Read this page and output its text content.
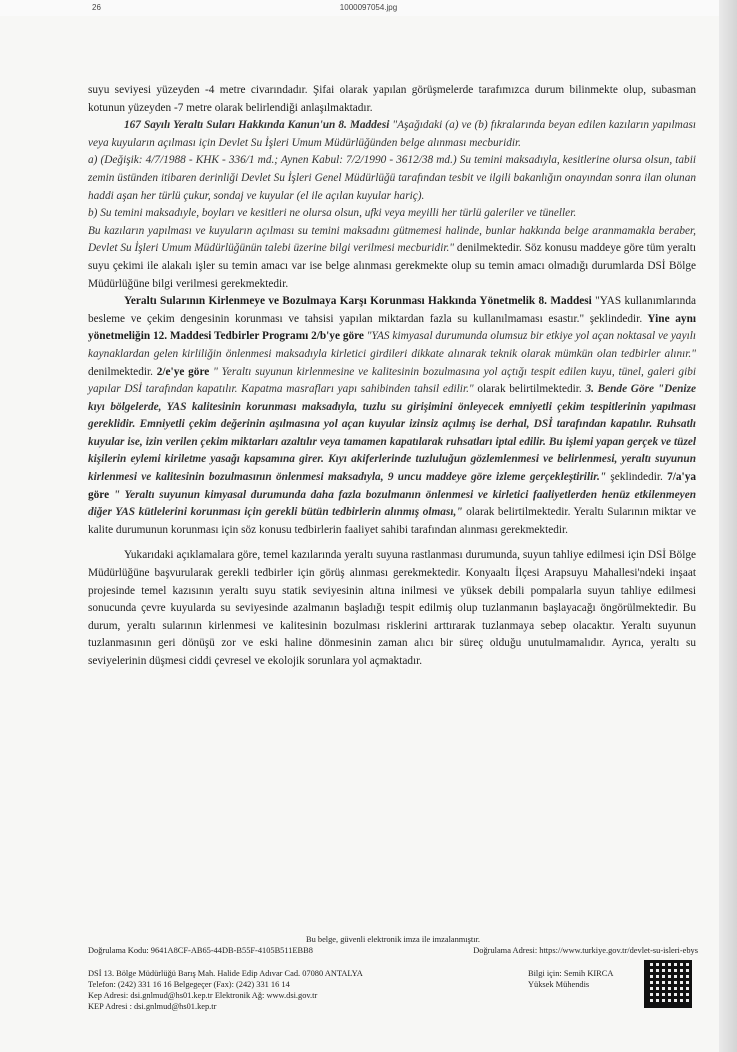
26	1000097054.jpg

suyu seviyesi yüzeyden -4 metre civarındadır. Şifai olarak yapılan görüşmelerde tarafımızca durum bilinmekte olup, subasman kotunun yüzeyden -7 metre olarak belirlendiği anlaşılmaktadır.

167 Sayılı Yeraltı Suları Hakkında Kanun'un 8. Maddesi "Aşağıdaki (a) ve (b) fıkralarında beyan edilen kazıların yapılması veya kuyuların açılması için Devlet Su İşleri Umum Müdürlüğünden belge alınması mecburidir.

a) (Değişik: 4/7/1988 - KHK - 336/1 md.; Aynen Kabul: 7/2/1990 - 3612/38 md.) Su temini maksadıyla, kesitlerine olursa olsun, tabii zemin üstünden itibaren derinliği Devlet Su İşleri Genel Müdürlüğü tarafından tesbit ve ilgili bakanlığın onayından sonra ilan olunan haddi aşan her türlü çukur, sondaj ve kuyular (el ile açılan kuyular hariç).

b) Su temini maksadıyle, boyları ve kesitleri ne olursa olsun, ufki veya meyilli her türlü galeriler ve tüneller.

Bu kazıların yapılması ve kuyuların açılması su temini maksadını gütmemesi halinde, bunlar hakkında belge aranmamakla beraber, Devlet Su İşleri Umum Müdürlüğünün talebi üzerine bilgi verilmesi mecburidir." denilmektedir. Söz konusu maddeye göre tüm yeraltı suyu çekimi ile alakalı işler su temin amacı var ise belge alınması gerekmekte olup su temin amacı olmadığı durumlarda DSİ Bölge Müdürlüğüne bilgi verilmesi gerekmektedir.

Yeraltı Sularının Kirlenmeye ve Bozulmaya Karşı Korunması Hakkında Yönetmelik 8. Maddesi "YAS kullanımlarında besleme ve çekim dengesinin korunması ve tahsisi yapılan miktardan fazla su kullanılmaması esastır." şeklindedir. Yine aynı yönetmeliğin 12. Maddesi Tedbirler Programı 2/b'ye göre "YAS kimyasal durumunda olumsuz bir etkiye yol açan noktasal ve yayılı kaynaklardan gelen kirliliğin önlenmesi maksadıyla kirletici girdileri dikkate alınarak teknik olarak mümkün olan tedbirler alınır." denilmektedir. 2/e'ye göre " Yeraltı suyunun kirlenmesine ve kalitesinin bozulmasına yol açtığı tespit edilen kuyu, tünel, galeri gibi yapılar DSİ tarafından kapatılır. Kapatma masrafları yapı sahibinden tahsil edilir." olarak belirtilmektedir. 3. Bende Göre "Denize kıyı bölgelerde, YAS kalitesinin korunması maksadıyla, tuzlu su girişimini önleyecek emniyetli çekim tespitlerinin yapılması gereklidir. Emniyetli çekim değerinin aşılmasına yol açan kuyular izinsiz açılmış ise derhal, DSİ tarafından kapatılır. Ruhsatlı kuyular ise, izin verilen çekim miktarları azaltılır veya tamamen kapatılarak ruhsatları iptal edilir. Bu işlemi yapan gerçek ve tüzel kişilerin eylemi kiriletme yasağı kapsamına girer. Kıyı akiferlerinde tuzluluğun gözlemlenmesi ve belirlenmesi, yeraltı suyunun kirlenmesi ve kalitesinin bozulmasının önlenmesi maksadıyla, 9 uncu maddeye göre izleme gerçekleştirilir." şeklindedir. 7/a'ya göre " Yeraltı suyunun kimyasal durumunda daha fazla bozulmanın önlenmesi ve kirletici faaliyetlerden henüz etkilenmeyen diğer YAS kütlelerini korunması için gerekli bütün tedbirlerin alınmış olması," olarak belirtilmektedir. Yeraltı Sularının miktar ve kalite durumunun korunması için söz konusu tedbirlerin faaliyet sahibi tarafından alınması gerekmektedir.

Yukarıdaki açıklamalara göre, temel kazılarında yeraltı suyuna rastlanması durumunda, suyun tahliye edilmesi için DSİ Bölge Müdürlüğüne başvurularak gerekli tedbirler için görüş alınması gerekmektedir. Konyaaltı İlçesi Arapsuyu Mahallesi'ndeki inşaat projesinde temel kazısının yeraltı suyu statik seviyesinin altına inilmesi ve yüksek debili pompalarla suyun tahliye edilmesi sonucunda çevre kuyularda su seviyesinde azalmanın başladığı tespit edilmiş olup tuzlanmanın başlayacağı öngörülmektedir. Bu durum, yeraltı sularının kirlenmesi ve kalitesinin bozulması risklerini arttırarak tuzlanmaya sebep olacaktır. Yeraltı suyunun tuzlanmasının geri dönüşü zor ve eski haline dönmesinin zaman alıcı bir süreç olduğu unutulmamalıdır. Ayrıca, yeraltı su seviyelerinin düşmesi ciddi çevresel ve ekolojik sorunlara yol açmaktadır.

Bu belge, güvenli elektronik imza ile imzalanmıştır.
Doğrulama Kodu: 9641A8CF-AB65-44DB-B55F-4105B511EBB8	Doğrulama Adresi: https://www.turkiye.gov.tr/devlet-su-isleri-ebys
DSİ 13. Bölge Müdürlüğü Barış Mah. Halide Edip Adıvar Cad. 07080 ANTALYA
Telefon: (242) 331 16 16 Belgegeçer (Fax): (242) 331 16 14
Kep Adresi: dsi.gnlmud@hs01.kep.tr Elektronik Ağ: www.dsi.gov.tr
KEP Adresi : dsi.gnlmud@hs01.kep.tr
Bilgi için: Semih KIRCA
Yüksek Mühendis
